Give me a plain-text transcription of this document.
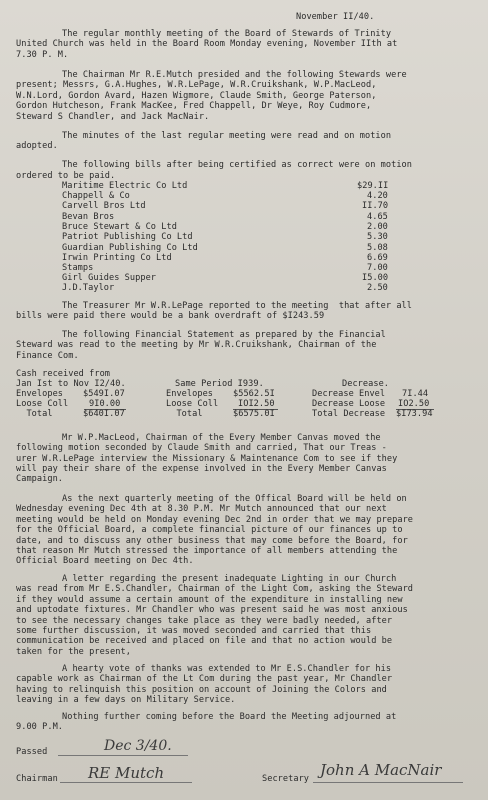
November II/40.
The regular monthly meeting of the Board of Stewards of Trinity
United Church was held in the Board Room Monday evening, November IIth at
7.30 P. M.
The Chairman Mr R.E.Mutch presided and the following Stewards were
present; Messrs, G.A.Hughes, W.R.LePage, W.R.Cruikshank, W.P.MacLeod,
W.N.Lord, Gordon Avard, Hazen Wigmore, Claude Smith, George Paterson,
Gordon Hutcheson, Frank MacKee, Fred Chappell, Dr Weye, Roy Cudmore,
Steward S Chandler, and Jack MacNair.
The minutes of the last regular meeting were read and on motion
adopted.
The following bills after being certified as correct were on motion
ordered to be paid.
Maritime Electric Co Ltd	$29.II
Chappell & Co	4.20
Carvell Bros Ltd	II.70
Bevan Bros	4.65
Bruce Stewart & Co Ltd	2.00
Patriot Publishing Co Ltd	5.30
Guardian Publishing Co Ltd	5.08
Irwin Printing Co Ltd	6.69
Stamps	7.00
Girl Guides Supper	I5.00
J.D.Taylor	2.50
The Treasurer Mr W.R.LePage reported to the meeting  that after all
bills were paid there would be a bank overdraft of $I243.59
The following Financial Statement as prepared by the Financial
Steward was read to the meeting by Mr W.R.Cruikshank, Chairman of the
Finance Com.
Cash received from
Jan Ist to Nov I2/40.	Same Period I939.	Decrease.
Envelopes $549I.07	Envelopes $5562.5I	Decrease Envel 7I.44
Loose Coll 9I0.00	Loose Coll IOI2.50	Decrease Loose IO2.50
Total	$640I.07	Total	$6575.0I	Total Decrease $I73.94
Mr W.P.MacLeod, Chairman of the Every Member Canvas moved the
following motion seconded by Claude Smith and carried, That our Treas -
urer W.R.LePage interview the Missionary & Maintenance Com to see if they
will pay their share of the expense involved in the Every Member Canvas
Campaign.
As the next quarterly meeting of the Offical Board will be held on
Wednesday evening Dec 4th at 8.30 P.M. Mr Mutch announced that our next
meeting would be held on Monday evening Dec 2nd in order that we may prepare
for the Official Board, a complete financial picture of our finances up to
date, and to discuss any other business that may come before the Board, for
that reason Mr Mutch stressed the importance of all members attending the
Official Board meeting on Dec 4th.
A letter regarding the present inadequate Lighting in our Church
was read from Mr E.S.Chandler, Chairman of the Light Com, asking the Steward
if they would assume a certain amount of the expenditure in installing new
and uptodate fixtures. Mr Chandler who was present said he was most anxious
to see the necessary changes take place as they were badly needed, after
some further discussion, it was moved seconded and carried that this
communication be received and placed on file and that no action would be
taken for the present,
A hearty vote of thanks was extended to Mr E.S.Chandler for his
capable work as Chairman of the Lt Com during the past year, Mr Chandler
having to relinquish this position on account of Joining the Colors and
leaving in a few days on Military Service.
Nothing further coming before the Board the Meeting adjourned at
9.00 P.M.
Passed	Dec 3/40.
Chairman RE Mutch	Secretary John A MacNair
